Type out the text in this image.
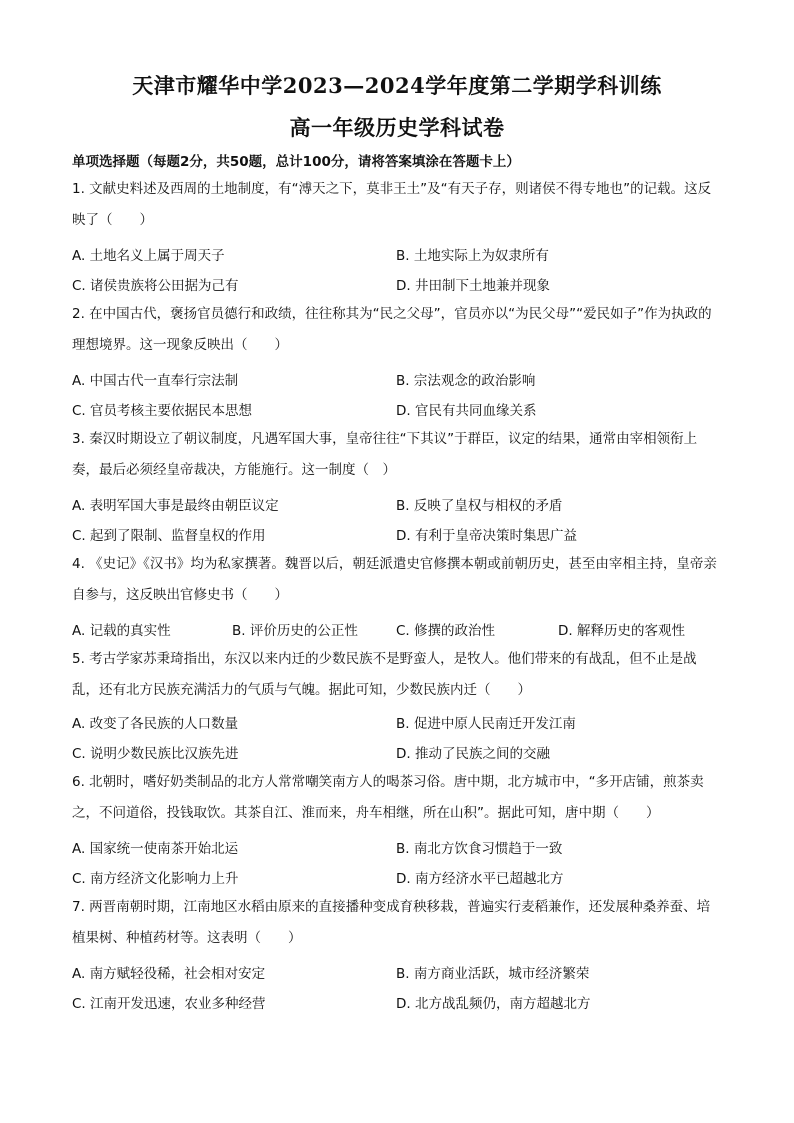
天津市耀华中学2023—2024学年度第二学期学科训练
高一年级历史学科试卷
单项选择题（每题2分，共50题，总计100分，请将答案填涂在答题卡上）
1. 文献史料述及西周的土地制度，有“溥天之下，莫非王土”及“有天子存，则诸侯不得专地也”的记载。这反映了（　　）
A. 土地名义上属于周天子	B. 土地实际上为奴隶所有
C. 诸侯贵族将公田据为己有	D. 井田制下土地兼并现象
2. 在中国古代，褒扬官员德行和政绩，往往称其为“民之父母”，官员亦以“为民父母”“爱民如子”作为执政的理想境界。这一现象反映出（　　）
A. 中国古代一直奉行宗法制	B. 宗法观念的政治影响
C. 官员考核主要依据民本思想	D. 官民有共同血缘关系
3. 秦汉时期设立了朝议制度，凡遇军国大事，皇帝往往“下其议”于群臣，议定的结果，通常由宰相领衔上奏，最后必须经皇帝裁决，方能施行。这一制度（　）
A. 表明军国大事是最终由朝臣议定	B. 反映了皇权与相权的矛盾
C. 起到了限制、监督皇权的作用	D. 有利于皇帝决策时集思广益
4. 《史记》《汉书》均为私家撰著。魏晋以后，朝廷派遣史官修撰本朝或前朝历史，甚至由宰相主持，皇帝亲自参与，这反映出官修史书（　　）
A. 记载的真实性	B. 评价历史的公正性	C. 修撰的政治性	D. 解释历史的客观性
5. 考古学家苏秉琦指出，东汉以来内迁的少数民族不是野蛮人，是牧人。他们带来的有战乱，但不止是战乱，还有北方民族充满活力的气质与气魄。据此可知，少数民族内迁（　　）
A. 改变了各民族的人口数量	B. 促进中原人民南迁开发江南
C. 说明少数民族比汉族先进	D. 推动了民族之间的交融
6. 北朝时，嗜好奶类制品的北方人常常嘲笑南方人的喝茶习俗。唐中期，北方城市中，“多开店铺，煎茶卖之，不问道俗，投钱取饮。其茶自江、淮而来，舟车相继，所在山积”。据此可知，唐中期（　　）
A. 国家统一使南茶开始北运	B. 南北方饮食习惯趋于一致
C. 南方经济文化影响力上升	D. 南方经济水平已超越北方
7. 两晋南朝时期，江南地区水稻由原来的直接播种变成育秧移栽，普遍实行麦稻兼作，还发展种桑养蚕、培植果树、种植药材等。这表明（　　）
A. 南方赋轻役稀，社会相对安定	B. 南方商业活跃，城市经济繁荣
C. 江南开发迅速，农业多种经营	D. 北方战乱频仍，南方超越北方
